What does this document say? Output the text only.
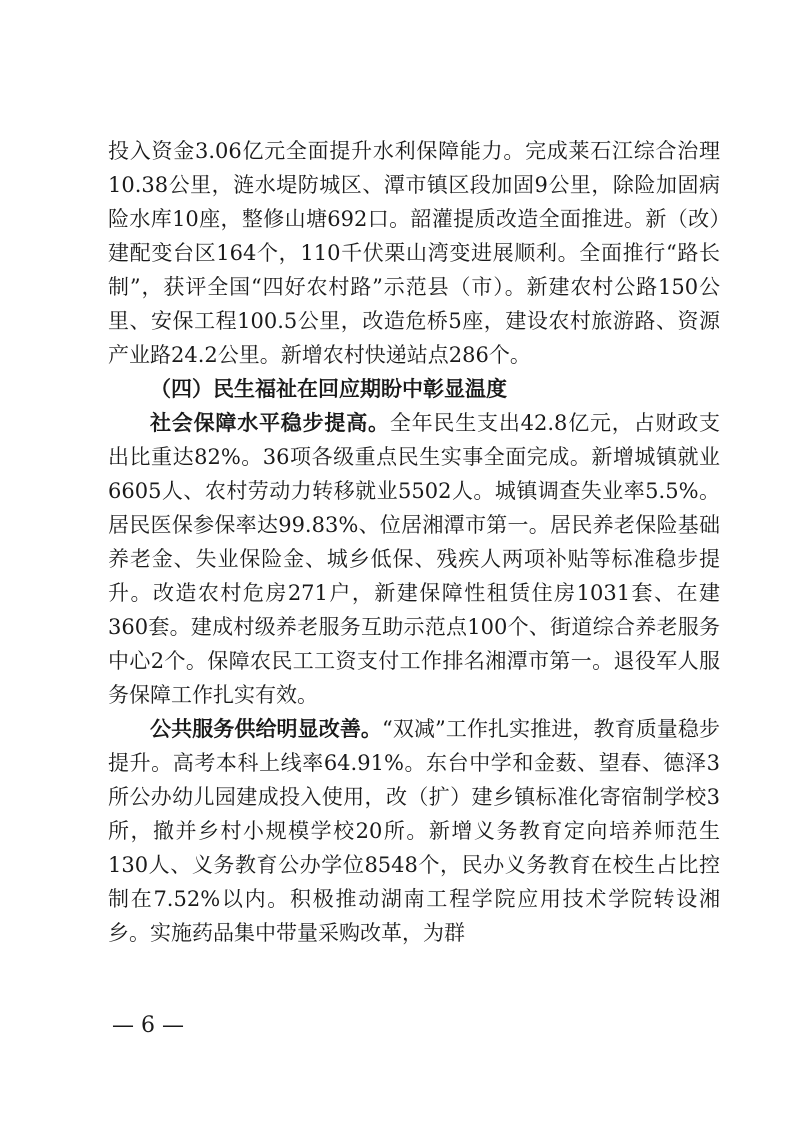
投入资金3.06亿元全面提升水利保障能力。完成莱石江综合治理10.38公里，涟水堤防城区、潭市镇区段加固9公里，除险加固病险水库10座，整修山塘692口。韶灌提质改造全面推进。新（改）建配变台区164个，110千伏栗山湾变进展顺利。全面推行“路长制”，获评全国“四好农村路”示范县（市）。新建农村公路150公里、安保工程100.5公里，改造危桥5座，建设农村旅游路、资源产业路24.2公里。新增农村快递站点286个。

（四）民生福祉在回应期盼中彰显温度

社会保障水平稳步提高。全年民生支出42.8亿元，占财政支出比重达82%。36项各级重点民生实事全面完成。新增城镇就业6605人、农村劳动力转移就业5502人。城镇调查失业率5.5%。居民医保参保率达99.83%、位居湘潭市第一。居民养老保险基础养老金、失业保险金、城乡低保、残疾人两项补贴等标准稳步提升。改造农村危房271户，新建保障性租赁住房1031套、在建360套。建成村级养老服务互助示范点100个、街道综合养老服务中心2个。保障农民工工资支付工作排名湘潭市第一。退役军人服务保障工作扎实有效。

公共服务供给明显改善。“双减”工作扎实推进，教育质量稳步提升。高考本科上线率64.91%。东台中学和金薮、望春、德泽3所公办幼儿园建成投入使用，改（扩）建乡镇标准化寄宿制学校3所，撤并乡村小规模学校20所。新增义务教育定向培养师范生130人、义务教育公办学位8548个，民办义务教育在校生占比控制在7.52%以内。积极推动湖南工程学院应用技术学院转设湘乡。实施药品集中带量采购改革，为群

— 6 —
